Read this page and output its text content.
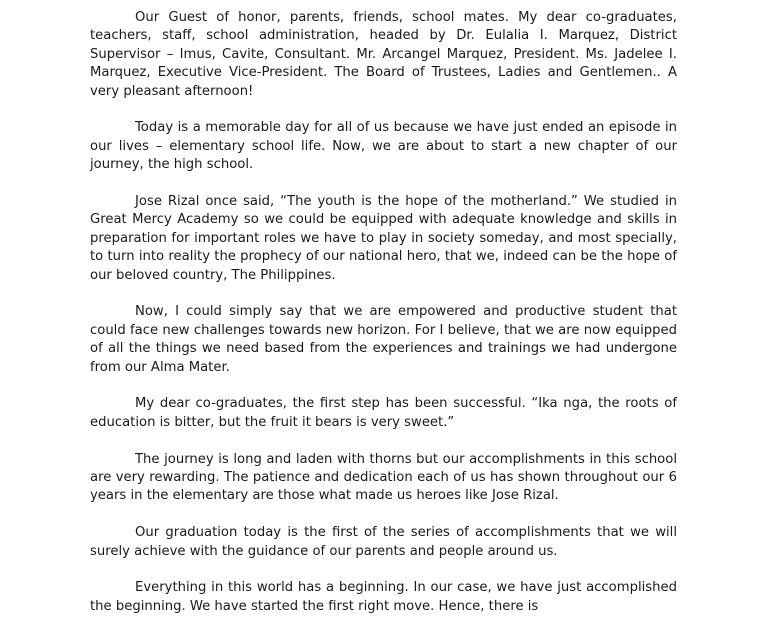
Our Guest of honor, parents, friends, school mates. My dear co-graduates, teachers, staff, school administration, headed by Dr. Eulalia I. Marquez, District Supervisor – Imus, Cavite, Consultant. Mr. Arcangel Marquez, President. Ms. Jadelee I. Marquez, Executive Vice-President. The Board of Trustees, Ladies and Gentlemen.. A very pleasant afternoon!

Today is a memorable day for all of us because we have just ended an episode in our lives – elementary school life. Now, we are about to start a new chapter of our journey, the high school.

Jose Rizal once said, “The youth is the hope of the motherland.” We studied in Great Mercy Academy so we could be equipped with adequate knowledge and skills in preparation for important roles we have to play in society someday, and most specially, to turn into reality the prophecy of our national hero, that we, indeed can be the hope of our beloved country, The Philippines.

Now, I could simply say that we are empowered and productive student that could face new challenges towards new horizon. For I believe, that we are now equipped of all the things we need based from the experiences and trainings we had undergone from our Alma Mater.

My dear co-graduates, the first step has been successful. “Ika nga, the roots of education is bitter, but the fruit it bears is very sweet.”

The journey is long and laden with thorns but our accomplishments in this school are very rewarding. The patience and dedication each of us has shown throughout our 6 years in the elementary are those what made us heroes like Jose Rizal.

Our graduation today is the first of the series of accomplishments that we will surely achieve with the guidance of our parents and people around us.

Everything in this world has a beginning. In our case, we have just accomplished the beginning. We have started the first right move. Hence, there is
